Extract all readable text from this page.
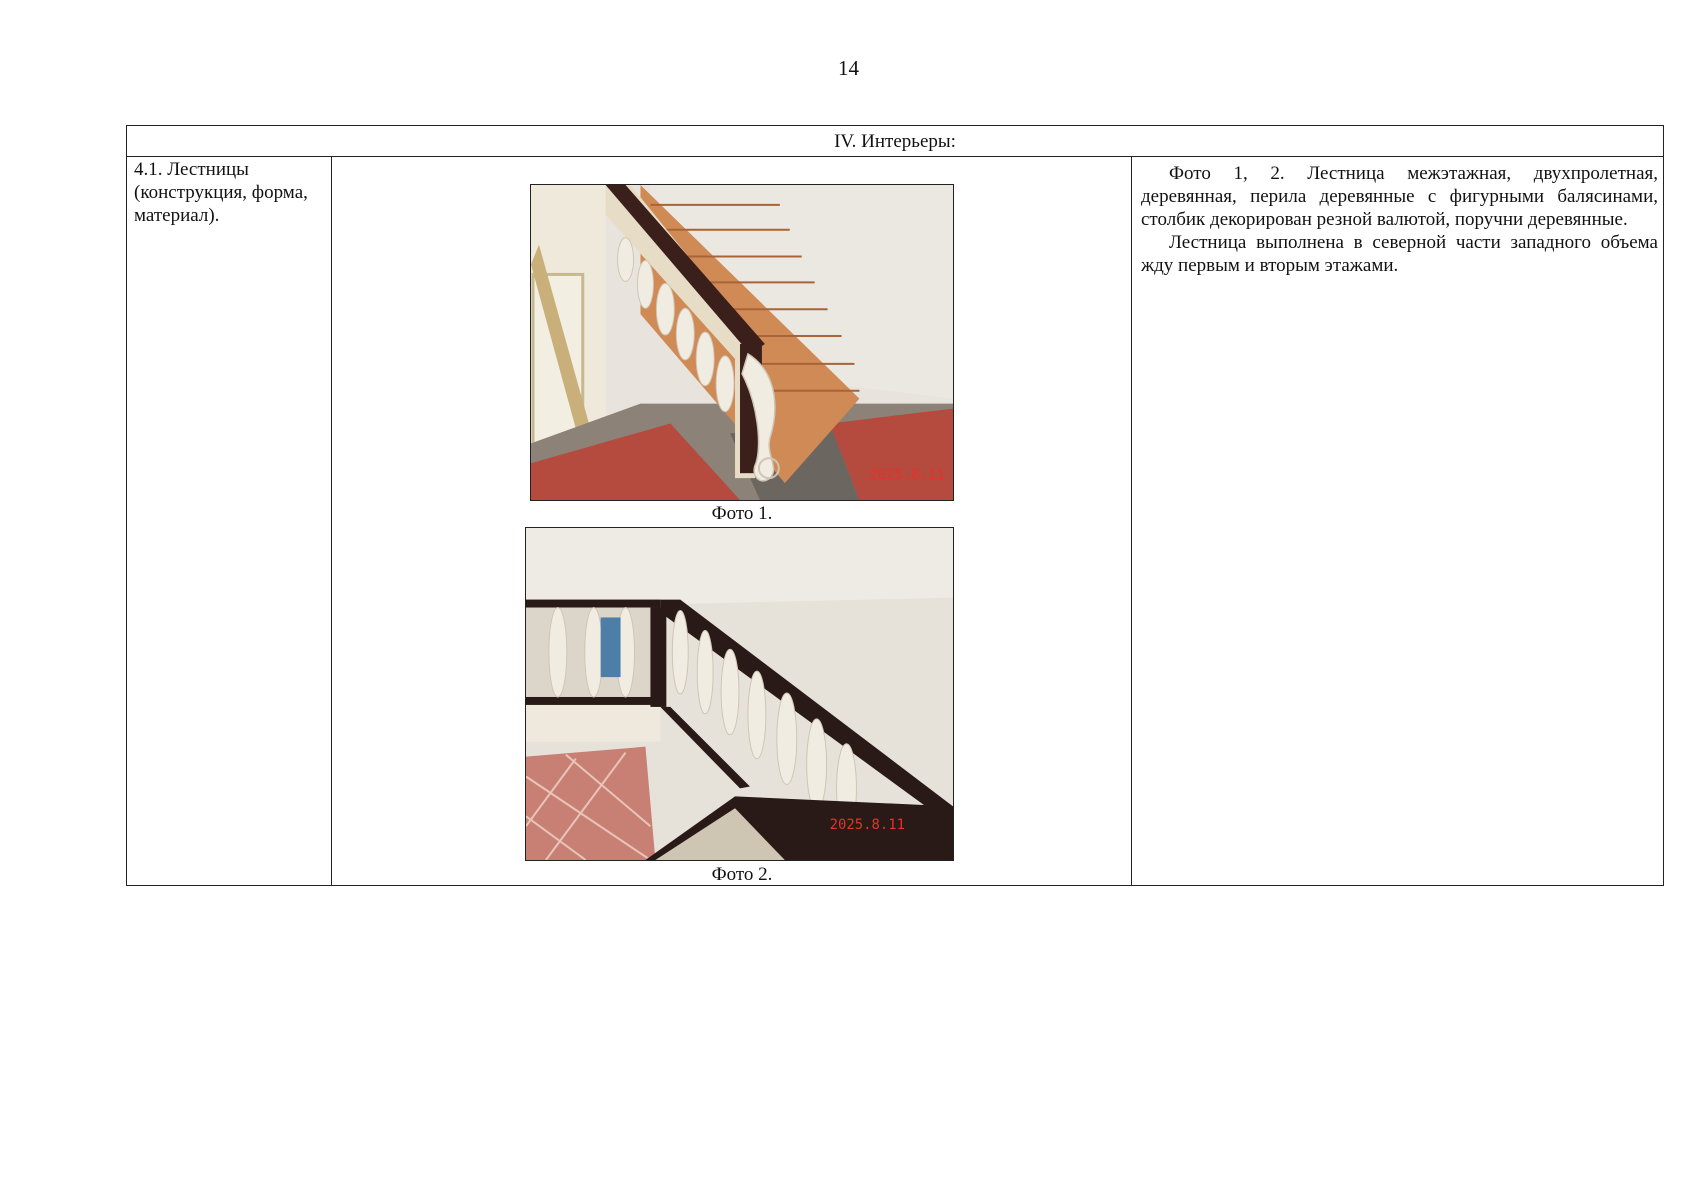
14
IV. Интерьеры:
4.1. Лестницы (конструкция, форма, материал).
2025.8.11
Фото 1.
2025.8.11
Фото 2.

Фото 1, 2. Лестница межэтажная, двухпролетная, деревянная, перила деревянные с фигурными балясинами, столбик декорирован резной валютой, поручни деревянные.

Лестница выполнена в северной части западного объема жду первым и вторым этажами.
